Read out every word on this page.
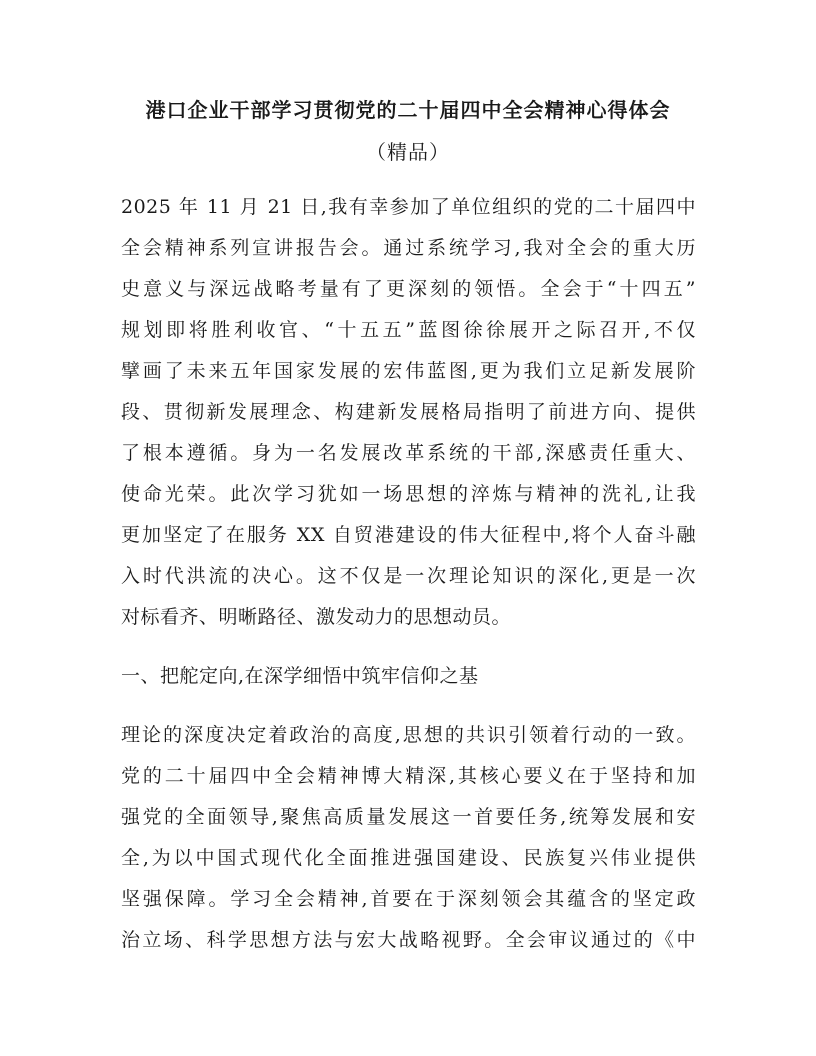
港口企业干部学习贯彻党的二十届四中全会精神心得体会
（精品）
2025 年 11 月 21 日,我有幸参加了单位组织的党的二十届四中
全会精神系列宣讲报告会。通过系统学习,我对全会的重大历
史意义与深远战略考量有了更深刻的领悟。全会于“十四五”
规划即将胜利收官、“十五五”蓝图徐徐展开之际召开,不仅
擘画了未来五年国家发展的宏伟蓝图,更为我们立足新发展阶
段、贯彻新发展理念、构建新发展格局指明了前进方向、提供
了根本遵循。身为一名发展改革系统的干部,深感责任重大、
使命光荣。此次学习犹如一场思想的淬炼与精神的洗礼,让我
更加坚定了在服务 XX 自贸港建设的伟大征程中,将个人奋斗融
入时代洪流的决心。这不仅是一次理论知识的深化,更是一次
对标看齐、明晰路径、激发动力的思想动员。
一、把舵定向,在深学细悟中筑牢信仰之基
理论的深度决定着政治的高度,思想的共识引领着行动的一致。
党的二十届四中全会精神博大精深,其核心要义在于坚持和加
强党的全面领导,聚焦高质量发展这一首要任务,统筹发展和安
全,为以中国式现代化全面推进强国建设、民族复兴伟业提供
坚强保障。学习全会精神,首要在于深刻领会其蕴含的坚定政
治立场、科学思想方法与宏大战略视野。全会审议通过的《中
